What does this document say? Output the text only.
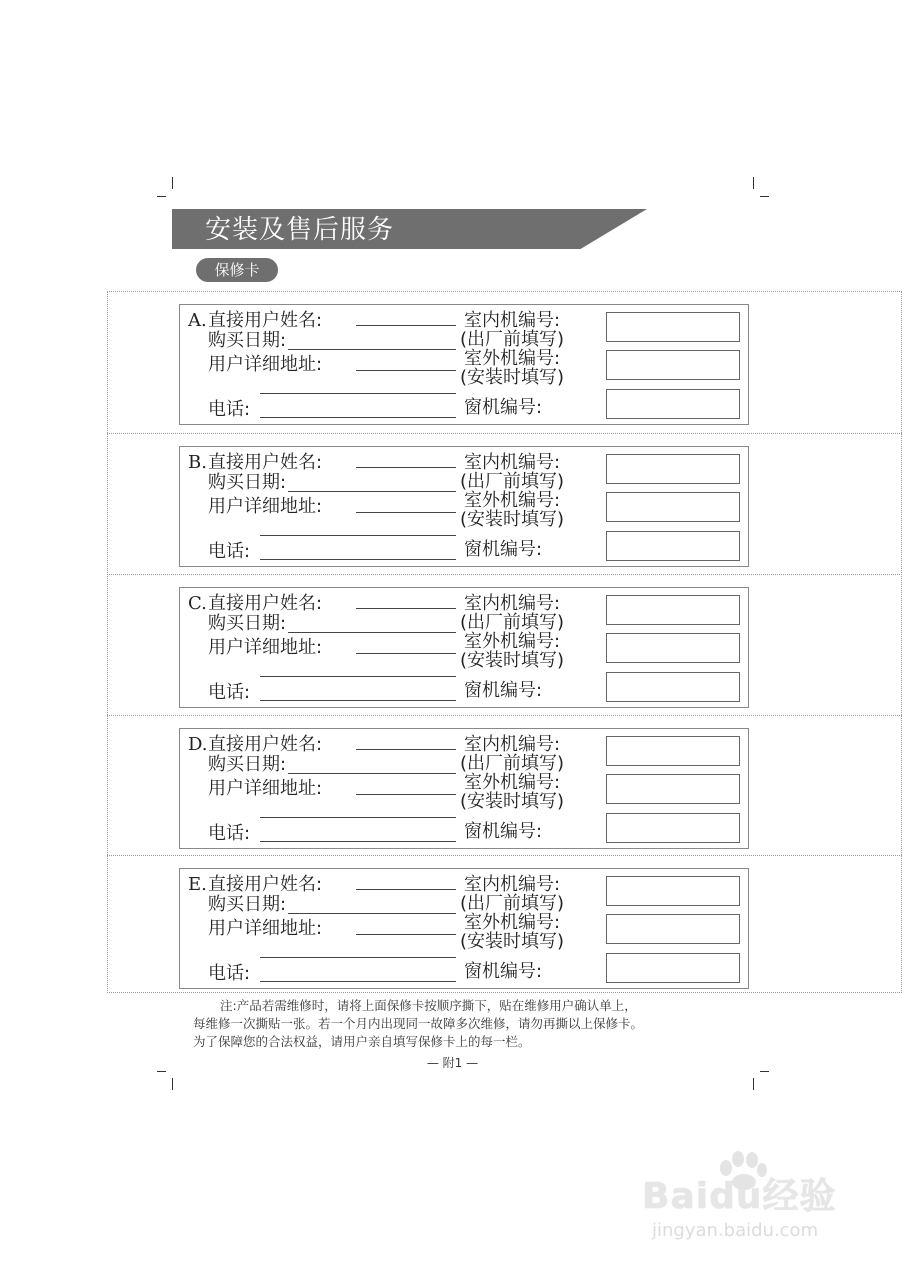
安装及售后服务
保修卡
A. 直接用户姓名:
购买日期:
用户详细地址:
电话:
室内机编号:
(出厂前填写)
室外机编号:
(安装时填写)
窗机编号:
B. 直接用户姓名:
购买日期:
用户详细地址:
电话:
室内机编号:
(出厂前填写)
室外机编号:
(安装时填写)
窗机编号:
C. 直接用户姓名:
购买日期:
用户详细地址:
电话:
室内机编号:
(出厂前填写)
室外机编号:
(安装时填写)
窗机编号:
D. 直接用户姓名:
购买日期:
用户详细地址:
电话:
室内机编号:
(出厂前填写)
室外机编号:
(安装时填写)
窗机编号:
E. 直接用户姓名:
购买日期:
用户详细地址:
电话:
室内机编号:
(出厂前填写)
室外机编号:
(安装时填写)
窗机编号:
注:产品若需维修时，请将上面保修卡按顺序撕下，贴在维修用户确认单上，
每维修一次撕贴一张。若一个月内出现同一故障多次维修，请勿再撕以上保修卡。
为了保障您的合法权益，请用户亲自填写保修卡上的每一栏。
— 附1 —
Baidu经验
jingyan.baidu.com
